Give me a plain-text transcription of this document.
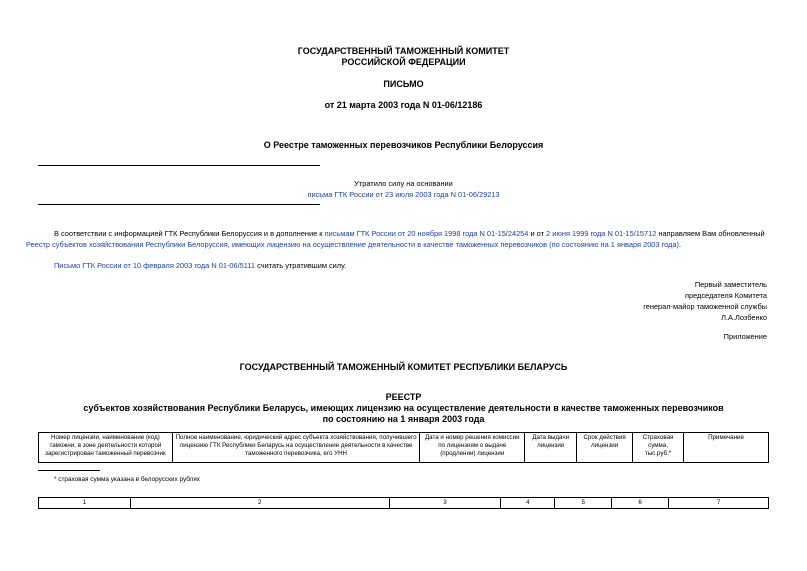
ГОСУДАРСТВЕННЫЙ ТАМОЖЕННЫЙ КОМИТЕТ
РОССИЙСКОЙ ФЕДЕРАЦИИ
ПИСЬМО
от 21 марта 2003 года N 01-06/12186
О Реестре таможенных перевозчиков Республики Белоруссия
Утратило силу на основании
письма ГТК России от 23 июля 2003 года N 01-06/29213
В соответствии с информацией ГТК Республики Белоруссия и в дополнение к письмам ГТК России от 20 ноября 1998 года N 01-15/24254 и от 2 июня 1999 года N 01-15/15712 направляем Вам обновленный
Реестр субъектов хозяйствования Республики Белоруссия, имеющих лицензию на осуществление деятельности в качестве таможенных перевозчиков (по состоянию на 1 января 2003 года).
Письмо ГТК России от 10 февраля 2003 года N 01-06/5111 считать утратившим силу.
Первый заместитель
председателя Комитета
генерал-майор таможенной службы
Л.А.Лозбенко
Приложение
ГОСУДАРСТВЕННЫЙ ТАМОЖЕННЫЙ КОМИТЕТ РЕСПУБЛИКИ БЕЛАРУСЬ
РЕЕСТР
субъектов хозяйствования Республики Беларусь, имеющих лицензию на осуществление деятельности в качестве таможенных перевозчиков
по состоянию на 1 января 2003 года
Номер лицензии, наименование (код) таможни, в зоне деятельности которой зарегистрирован таможенный перевозчик	Полное наименование, юридический адрес субъекта хозяйствования, получившего лицензию ГТК Республики Беларусь на осуществление деятельности в качестве таможенного перевозчика, его УНН	Дата и номер решения комиссии по лицензиям о выдаче (продлении) лицензии	Дата выдачи лицензии	Срок действия лицензии	Страховая сумма, тыс.руб.*	Примечание
* страховая сумма указана в белорусских рублях
1	2	3	4	5	6	7
